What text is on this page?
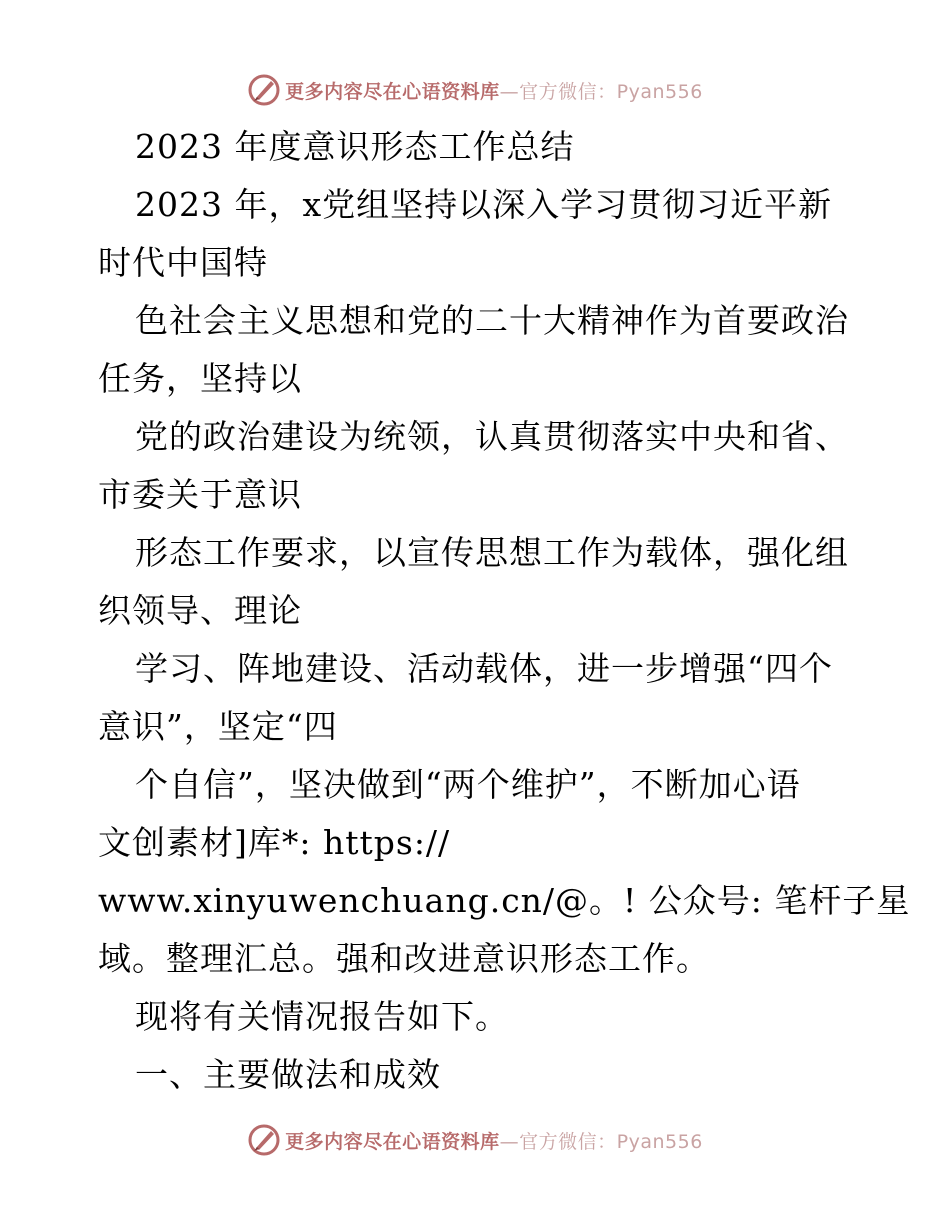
更多内容尽在心语资料库—官方微信：Pyan556
2023 年度意识形态工作总结
2023 年，x党组坚持以深入学习贯彻习近平新
时代中国特
色社会主义思想和党的二十大精神作为首要政治
任务，坚持以
党的政治建设为统领，认真贯彻落实中央和省、
市委关于意识
形态工作要求，以宣传思想工作为载体，强化组
织领导、理论
学习、阵地建设、活动载体，进一步增强“四个
意识”，坚定“四
个自信”，坚决做到“两个维护”，不断加心语
文创素材]库*: https://
www.xinyuwenchuang.cn/@。! 公众号: 笔杆子星
域。整理汇总。强和改进意识形态工作。
现将有关情况报告如下。
一、主要做法和成效
更多内容尽在心语资料库—官方微信：Pyan556
